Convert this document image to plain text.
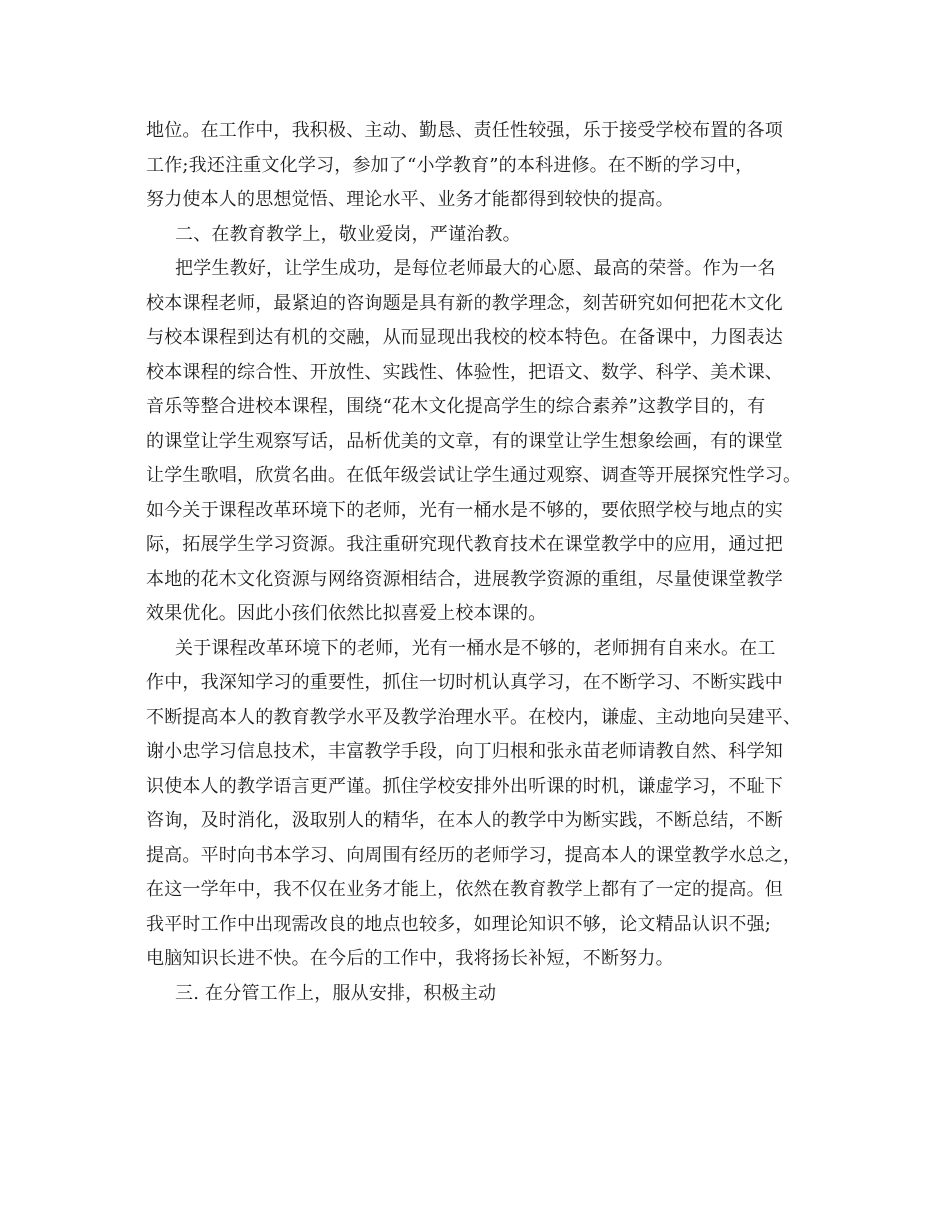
地位。在工作中，我积极、主动、勤恳、责任性较强，乐于接受学校布置的各项
工作;我还注重文化学习，参加了“小学教育”的本科进修。在不断的学习中，
努力使本人的思想觉悟、理论水平、业务才能都得到较快的提高。
二、在教育教学上，敬业爱岗，严谨治教。
把学生教好，让学生成功，是每位老师最大的心愿、最高的荣誉。作为一名
校本课程老师，最紧迫的咨询题是具有新的教学理念，刻苦研究如何把花木文化
与校本课程到达有机的交融，从而显现出我校的校本特色。在备课中，力图表达
校本课程的综合性、开放性、实践性、体验性，把语文、数学、科学、美术课、
音乐等整合进校本课程，围绕“花木文化提高学生的综合素养”这教学目的，有
的课堂让学生观察写话，品析优美的文章，有的课堂让学生想象绘画，有的课堂
让学生歌唱，欣赏名曲。在低年级尝试让学生通过观察、调查等开展探究性学习。
如今关于课程改革环境下的老师，光有一桶水是不够的，要依照学校与地点的实
际，拓展学生学习资源。我注重研究现代教育技术在课堂教学中的应用，通过把
本地的花木文化资源与网络资源相结合，进展教学资源的重组，尽量使课堂教学
效果优化。因此小孩们依然比拟喜爱上校本课的。
关于课程改革环境下的老师，光有一桶水是不够的，老师拥有自来水。在工
作中，我深知学习的重要性，抓住一切时机认真学习，在不断学习、不断实践中
不断提高本人的教育教学水平及教学治理水平。在校内，谦虚、主动地向吴建平、
谢小忠学习信息技术，丰富教学手段，向丁归根和张永苗老师请教自然、科学知
识使本人的教学语言更严谨。抓住学校安排外出听课的时机，谦虚学习，不耻下
咨询，及时消化，汲取别人的精华，在本人的教学中为断实践，不断总结，不断
提高。平时向书本学习、向周围有经历的老师学习，提高本人的课堂教学水总之，
在这一学年中，我不仅在业务才能上，依然在教育教学上都有了一定的提高。但
我平时工作中出现需改良的地点也较多，如理论知识不够，论文精品认识不强;
电脑知识长进不快。在今后的工作中，我将扬长补短，不断努力。
三. 在分管工作上，服从安排，积极主动
